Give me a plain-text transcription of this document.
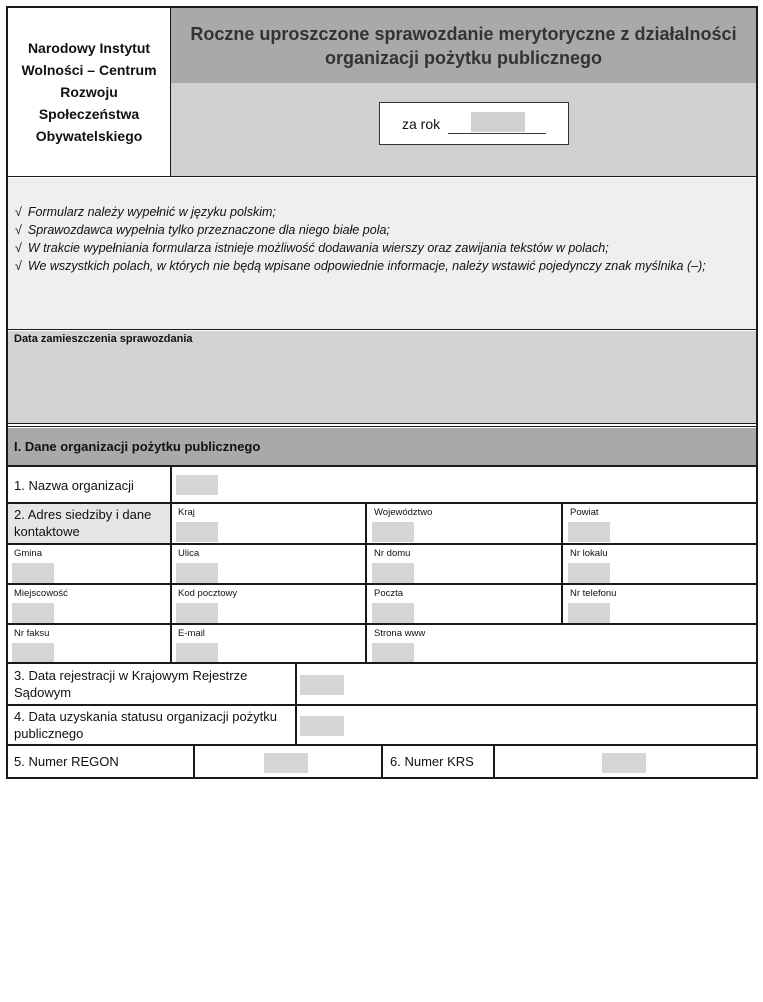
Narodowy Instytut
Wolności – Centrum
Rozwoju
Społeczeństwa
Obywatelskiego
Roczne uproszczone sprawozdanie merytoryczne z działalności
organizacji pożytku publicznego
za rok
√ Formularz należy wypełnić w języku polskim;
√ Sprawozdawca wypełnia tylko przeznaczone dla niego białe pola;
√ W trakcie wypełniania formularza istnieje możliwość dodawania wierszy oraz zawijania tekstów w polach;
√ We wszystkich polach, w których nie będą wpisane odpowiednie informacje, należy wstawić pojedynczy znak myślnika (–);
Data zamieszczenia sprawozdania
I. Dane organizacji pożytku publicznego
1. Nazwa organizacji
2. Adres siedziby i dane
kontaktowe
Kraj	Województwo	Powiat
Gmina	Ulica	Nr domu	Nr lokalu
Miejscowość	Kod pocztowy	Poczta	Nr telefonu
Nr faksu	E-mail	Strona www
3. Data rejestracji w Krajowym Rejestrze
Sądowym
4. Data uzyskania statusu organizacji pożytku
publicznego
5. Numer REGON	6. Numer KRS
